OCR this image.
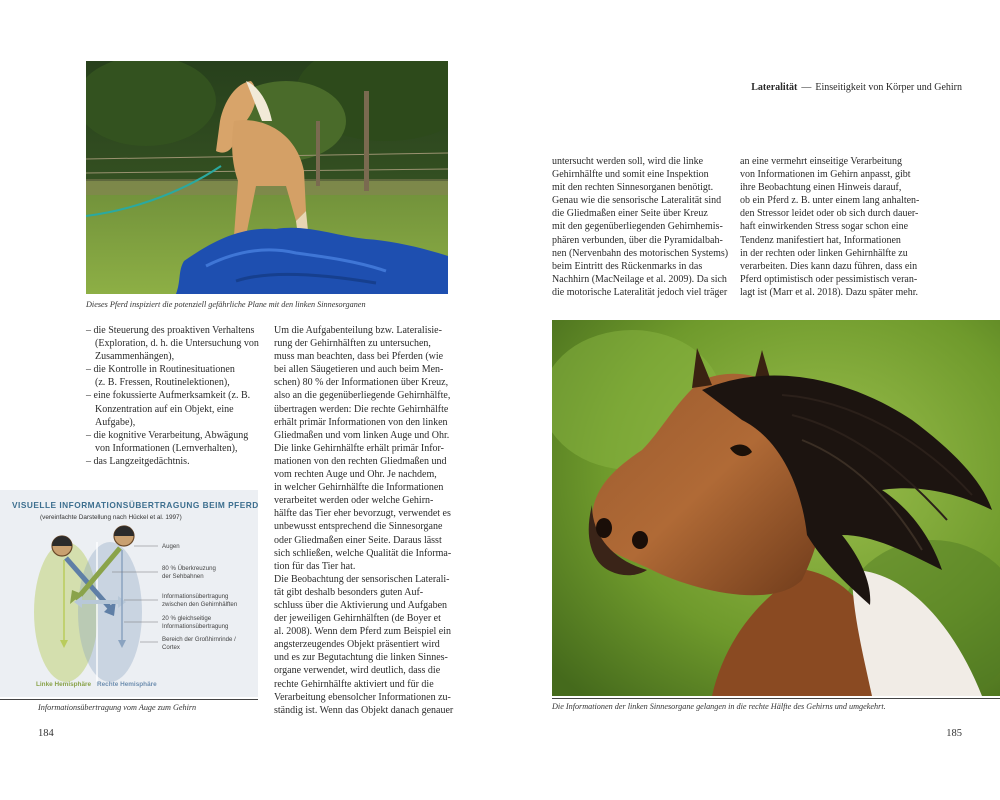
Dieses Pferd inspiziert die potenziell gefährliche Plane mit den linken Sinnesorganen
– die Steuerung des proaktiven Verhaltens
(Exploration, d. h. die Untersuchung von
Zusammenhängen),
– die Kontrolle in Routinesituationen
(z. B. Fressen, Routinelektionen),
– eine fokussierte Aufmerksamkeit (z. B.
Konzentration auf ein Objekt, eine
Aufgabe),
– die kognitive Verarbeitung, Abwägung
von Informationen (Lernverhalten),
– das Langzeitgedächtnis.
Um die Aufgabenteilung bzw. Lateralisie-
rung der Gehirnhälften zu untersuchen,
muss man beachten, dass bei Pferden (wie
bei allen Säugetieren und auch beim Men-
schen) 80 % der Informationen über Kreuz,
also an die gegenüberliegende Gehirnhälfte,
übertragen werden: Die rechte Gehirnhälfte
erhält primär Informationen von den linken
Gliedmaßen und vom linken Auge und Ohr.
Die linke Gehirnhälfte erhält primär Infor-
mationen von den rechten Gliedmaßen und
vom rechten Auge und Ohr. Je nachdem,
in welcher Gehirnhälfte die Informationen
verarbeitet werden oder welche Gehirn-
hälfte das Tier eher bevorzugt, verwendet es
unbewusst entsprechend die Sinnesorgane
oder Gliedmaßen einer Seite. Daraus lässt
sich schließen, welche Qualität die Informa-
tion für das Tier hat.
Die Beobachtung der sensorischen Laterali-
tät gibt deshalb besonders guten Auf-
schluss über die Aktivierung und Aufgaben
der jeweiligen Gehirnhälften (de Boyer et
al. 2008). Wenn dem Pferd zum Beispiel ein
angsterzeugendes Objekt präsentiert wird
und es zur Begutachtung die linken Sinnes-
organe verwendet, wird deutlich, dass die
rechte Gehirnhälfte aktiviert und für die
Verarbeitung ebensolcher Informationen zu-
ständig ist. Wenn das Objekt danach genauer
VISUELLE INFORMATIONSÜBERTRAGUNG BEIM PFERD
(vereinfachte Darstellung nach Hückel et al. 1997)
Augen
80 % Überkreuzung
der Sehbahnen
Informationsübertragung
zwischen den Gehirnhälften
20 % gleichseitige
Informationsübertragung
Bereich der Großhirnrinde /
Cortex
Linke Hemisphäre Rechte Hemisphäre
Informationsübertragung vom Auge zum Gehirn
184
Lateralität — Einseitigkeit von Körper und Gehirn
untersucht werden soll, wird die linke
Gehirnhälfte und somit eine Inspektion
mit den rechten Sinnesorganen benötigt.
Genau wie die sensorische Lateralität sind
die Gliedmaßen einer Seite über Kreuz
mit den gegenüberliegenden Gehirnhemis-
phären verbunden, über die Pyramidalbah-
nen (Nervenbahn des motorischen Systems)
beim Eintritt des Rückenmarks in das
Nachhirn (MacNeilage et al. 2009). Da sich
die motorische Lateralität jedoch viel träger
an eine vermehrt einseitige Verarbeitung
von Informationen im Gehirn anpasst, gibt
ihre Beobachtung einen Hinweis darauf,
ob ein Pferd z. B. unter einem lang anhalten-
den Stressor leidet oder ob sich durch dauer-
haft einwirkenden Stress sogar schon eine
Tendenz manifestiert hat, Informationen
in der rechten oder linken Gehirnhälfte zu
verarbeiten. Dies kann dazu führen, dass ein
Pferd optimistisch oder pessimistisch veran-
lagt ist (Marr et al. 2018). Dazu später mehr.
Die Informationen der linken Sinnesorgane gelangen in die rechte Hälfte des Gehirns und umgekehrt.
185
